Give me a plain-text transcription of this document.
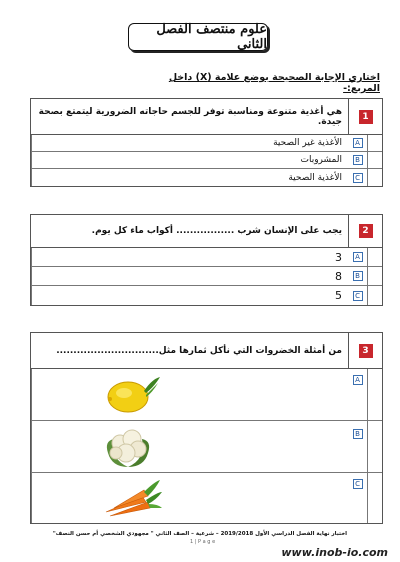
علوم منتصف الفصل الثاني
اختاري الإجابة الصحيحة بوضع علامة (X) داخل المربع:-
1
هي أغذية متنوعة ومناسبة توفر للجسم حاجاته الضرورية ليتمتع بصحة جيدة.
A
الأغذية غير الصحية
B
المشروبات
C
الأغذية الصحية
2
يجب على الإنسان شرب ................. أكواب ماء كل يوم.
A
3
B
8
C
5
3
من أمثلة الخضروات التي نأكل ثمارها مثل..............................
A
B
C
اختبار نهاية الفصل الدراسي الأول 2019/2018 – شرعية – الصف الثاني " مجهودي الشخصي أم حسن النصف"
1 | P a g e
www.inob-io.com
